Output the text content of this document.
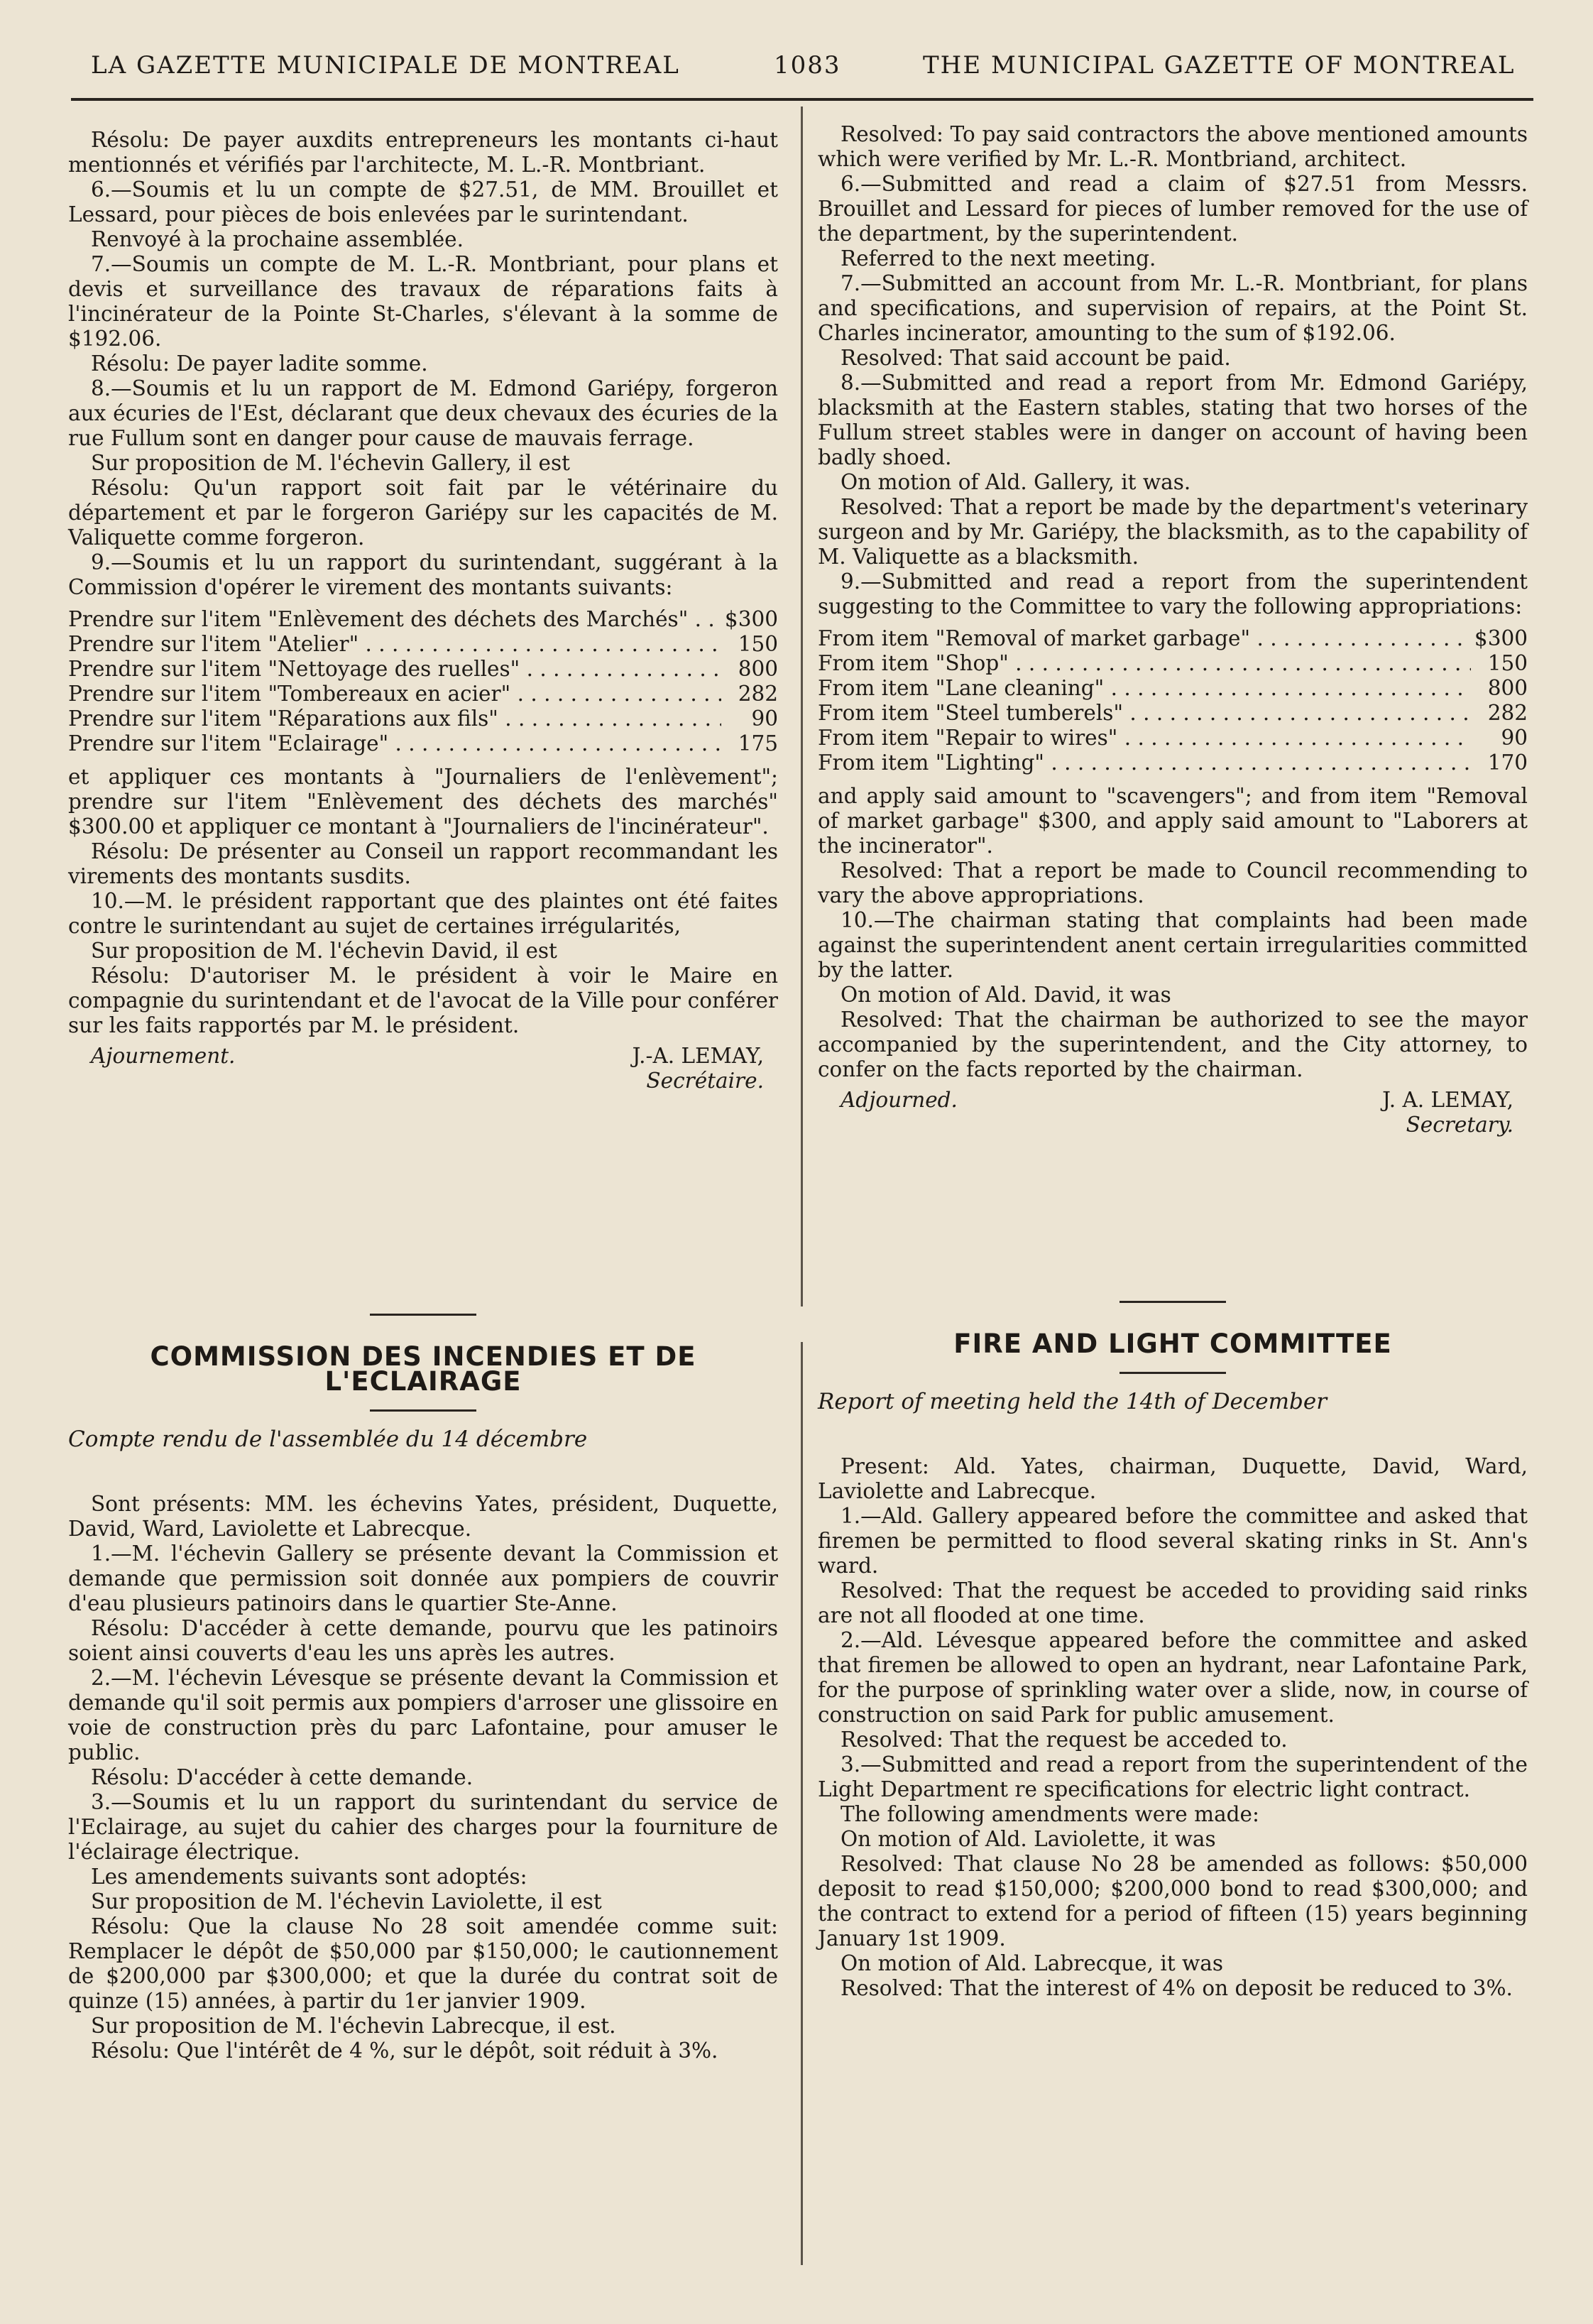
LA GAZETTE MUNICIPALE DE MONTREAL	1083	THE MUNICIPAL GAZETTE OF MONTREAL

Résolu: De payer auxdits entrepreneurs les montants ci-haut mentionnés et vérifiés par l'architecte, M. L.-R. Montbriant.

6.—Soumis et lu un compte de $27.51, de MM. Brouillet et Lessard, pour pièces de bois enlevées par le surintendant.

Renvoyé à la prochaine assemblée.

7.—Soumis un compte de M. L.-R. Montbriant, pour plans et devis et surveillance des travaux de réparations faits à l'incinérateur de la Pointe St-Charles, s'élevant à la somme de $192.06.

Résolu: De payer ladite somme.

8.—Soumis et lu un rapport de M. Edmond Gariépy, forgeron aux écuries de l'Est, déclarant que deux chevaux des écuries de la rue Fullum sont en danger pour cause de mauvais ferrage.

Sur proposition de M. l'échevin Gallery, il est

Résolu: Qu'un rapport soit fait par le vétérinaire du département et par le forgeron Gariépy sur les capacités de M. Valiquette comme forgeron.

9.—Soumis et lu un rapport du surintendant, suggérant à la Commission d'opérer le virement des montants suivants:

Prendre sur l'item "Enlèvement des déchets des Marchés" . . .	$300
Prendre sur l'item "Atelier" . . .	150
Prendre sur l'item "Nettoyage des ruelles" . . .	800
Prendre sur l'item "Tombereaux en acier" . . .	282
Prendre sur l'item "Réparations aux fils" . . .	90
Prendre sur l'item "Eclairage" . . .	175

et appliquer ces montants à "Journaliers de l'enlèvement"; prendre sur l'item "Enlèvement des déchets des marchés" $300.00 et appliquer ce montant à "Journaliers de l'incinérateur".

Résolu: De présenter au Conseil un rapport recommandant les virements des montants susdits.

10.—M. le président rapportant que des plaintes ont été faites contre le surintendant au sujet de certaines irrégularités,

Sur proposition de M. l'échevin David, il est

Résolu: D'autoriser M. le président à voir le Maire en compagnie du surintendant et de l'avocat de la Ville pour conférer sur les faits rapportés par M. le président.

Ajournement.	J.-A. LEMAY,
Secrétaire.

Resolved: To pay said contractors the above mentioned amounts which were verified by Mr. L.-R. Montbriand, architect.

6.—Submitted and read a claim of $27.51 from Messrs. Brouillet and Lessard for pieces of lumber removed for the use of the department, by the superintendent.

Referred to the next meeting.

7.—Submitted an account from Mr. L.-R. Montbriant, for plans and specifications, and supervision of repairs, at the Point St. Charles incinerator, amounting to the sum of $192.06.

Resolved: That said account be paid.

8.—Submitted and read a report from Mr. Edmond Gariépy, blacksmith at the Eastern stables, stating that two horses of the Fullum street stables were in danger on account of having been badly shoed.

On motion of Ald. Gallery, it was.

Resolved: That a report be made by the department's veterinary surgeon and by Mr. Gariépy, the blacksmith, as to the capability of M. Valiquette as a blacksmith.

9.—Submitted and read a report from the superintendent suggesting to the Committee to vary the following appropriations:

From item "Removal of market garbage" . . .	$300
From item "Shop" . . .	150
From item "Lane cleaning" . . .	800
From item "Steel tumberels" . . .	282
From item "Repair to wires" . . .	90
From item "Lighting" . . .	170

and apply said amount to "scavengers"; and from item "Removal of market garbage" $300, and apply said amount to "Laborers at the incinerator".

Resolved: That a report be made to Council recommending to vary the above appropriations.

10.—The chairman stating that complaints had been made against the superintendent anent certain irregularities committed by the latter.

On motion of Ald. David, it was

Resolved: That the chairman be authorized to see the mayor accompanied by the superintendent, and the City attorney, to confer on the facts reported by the chairman.

Adjourned.	J. A. LEMAY,
Secretary.
COMMISSION DES INCENDIES ET DE L'ECLAIRAGE

Compte rendu de l'assemblée du 14 décembre

Sont présents: MM. les échevins Yates, président, Duquette, David, Ward, Laviolette et Labrecque.

1.—M. l'échevin Gallery se présente devant la Commission et demande que permission soit donnée aux pompiers de couvrir d'eau plusieurs patinoirs dans le quartier Ste-Anne.

Résolu: D'accéder à cette demande, pourvu que les patinoirs soient ainsi couverts d'eau les uns après les autres.

2.—M. l'échevin Lévesque se présente devant la Commission et demande qu'il soit permis aux pompiers d'arroser une glissoire en voie de construction près du parc Lafontaine, pour amuser le public.

Résolu: D'accéder à cette demande.

3.—Soumis et lu un rapport du surintendant du service de l'Eclairage, au sujet du cahier des charges pour la fourniture de l'éclairage électrique.

Les amendements suivants sont adoptés:

Sur proposition de M. l'échevin Laviolette, il est

Résolu: Que la clause No 28 soit amendée comme suit: Remplacer le dépôt de $50,000 par $150,000; le cautionnement de $200,000 par $300,000; et que la durée du contrat soit de quinze (15) années, à partir du 1er janvier 1909.

Sur proposition de M. l'échevin Labrecque, il est.

Résolu: Que l'intérêt de 4 %, sur le dépôt, soit réduit à 3%.

FIRE AND LIGHT COMMITTEE

Report of meeting held the 14th of December

Present: Ald. Yates, chairman, Duquette, David, Ward, Laviolette and Labrecque.

1.—Ald. Gallery appeared before the committee and asked that firemen be permitted to flood several skating rinks in St. Ann's ward.

Resolved: That the request be acceded to providing said rinks are not all flooded at one time.

2.—Ald. Lévesque appeared before the committee and asked that firemen be allowed to open an hydrant, near Lafontaine Park, for the purpose of sprinkling water over a slide, now, in course of construction on said Park for public amusement.

Resolved: That the request be acceded to.

3.—Submitted and read a report from the superintendent of the Light Department re specifications for electric light contract.

The following amendments were made:

On motion of Ald. Laviolette, it was

Resolved: That clause No 28 be amended as follows: $50,000 deposit to read $150,000; $200,000 bond to read $300,000; and the contract to extend for a period of fifteen (15) years beginning January 1st 1909.

On motion of Ald. Labrecque, it was

Resolved: That the interest of 4% on deposit be reduced to 3%.
